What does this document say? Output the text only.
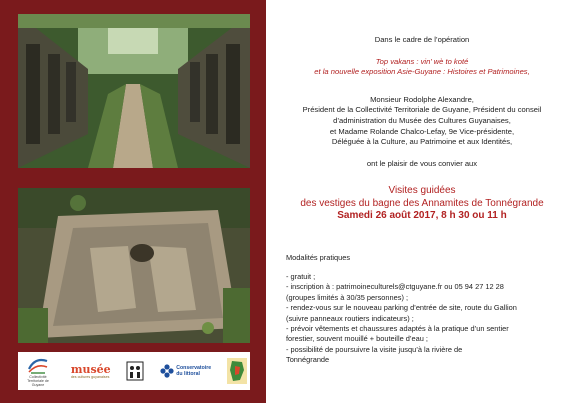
Collectivité Territoriale de Guyane
musée
des cultures guyanaises
Conservatoire
du littoral

Dans le cadre de l’opération

Top vakans : vin’ wè to koté

et la nouvelle exposition Asie-Guyane : Histoires et Patrimoines,

Monsieur Rodolphe Alexandre,

Président de la Collectivité Territoriale de Guyane, Président du conseil

d’administration du Musée des Cultures Guyanaises,

et Madame Rolande Chalco-Lefay, 9e Vice-présidente,

Déléguée à la Culture, au Patrimoine et aux Identités,

ont le plaisir de vous convier aux

Visites guidées

des vestiges du bagne des Annamites de Tonnégrande

Samedi 26 août 2017, 8 h 30 ou 11 h

Modalités pratiques

- gratuit ;

- inscription à : patrimoineculturels@ctguyane.fr ou 05 94 27 12 28

(groupes limités à 30/35 personnes) ;

- rendez-vous sur le nouveau parking d’entrée de site, route du Gallion

(suivre panneaux routiers indicateurs) ;

- prévoir vêtements et chaussures adaptés à la pratique d’un sentier

forestier, souvent mouillé + bouteille d’eau ;

- possibilité de poursuivre la visite jusqu’à la rivière de

Tonnégrande
